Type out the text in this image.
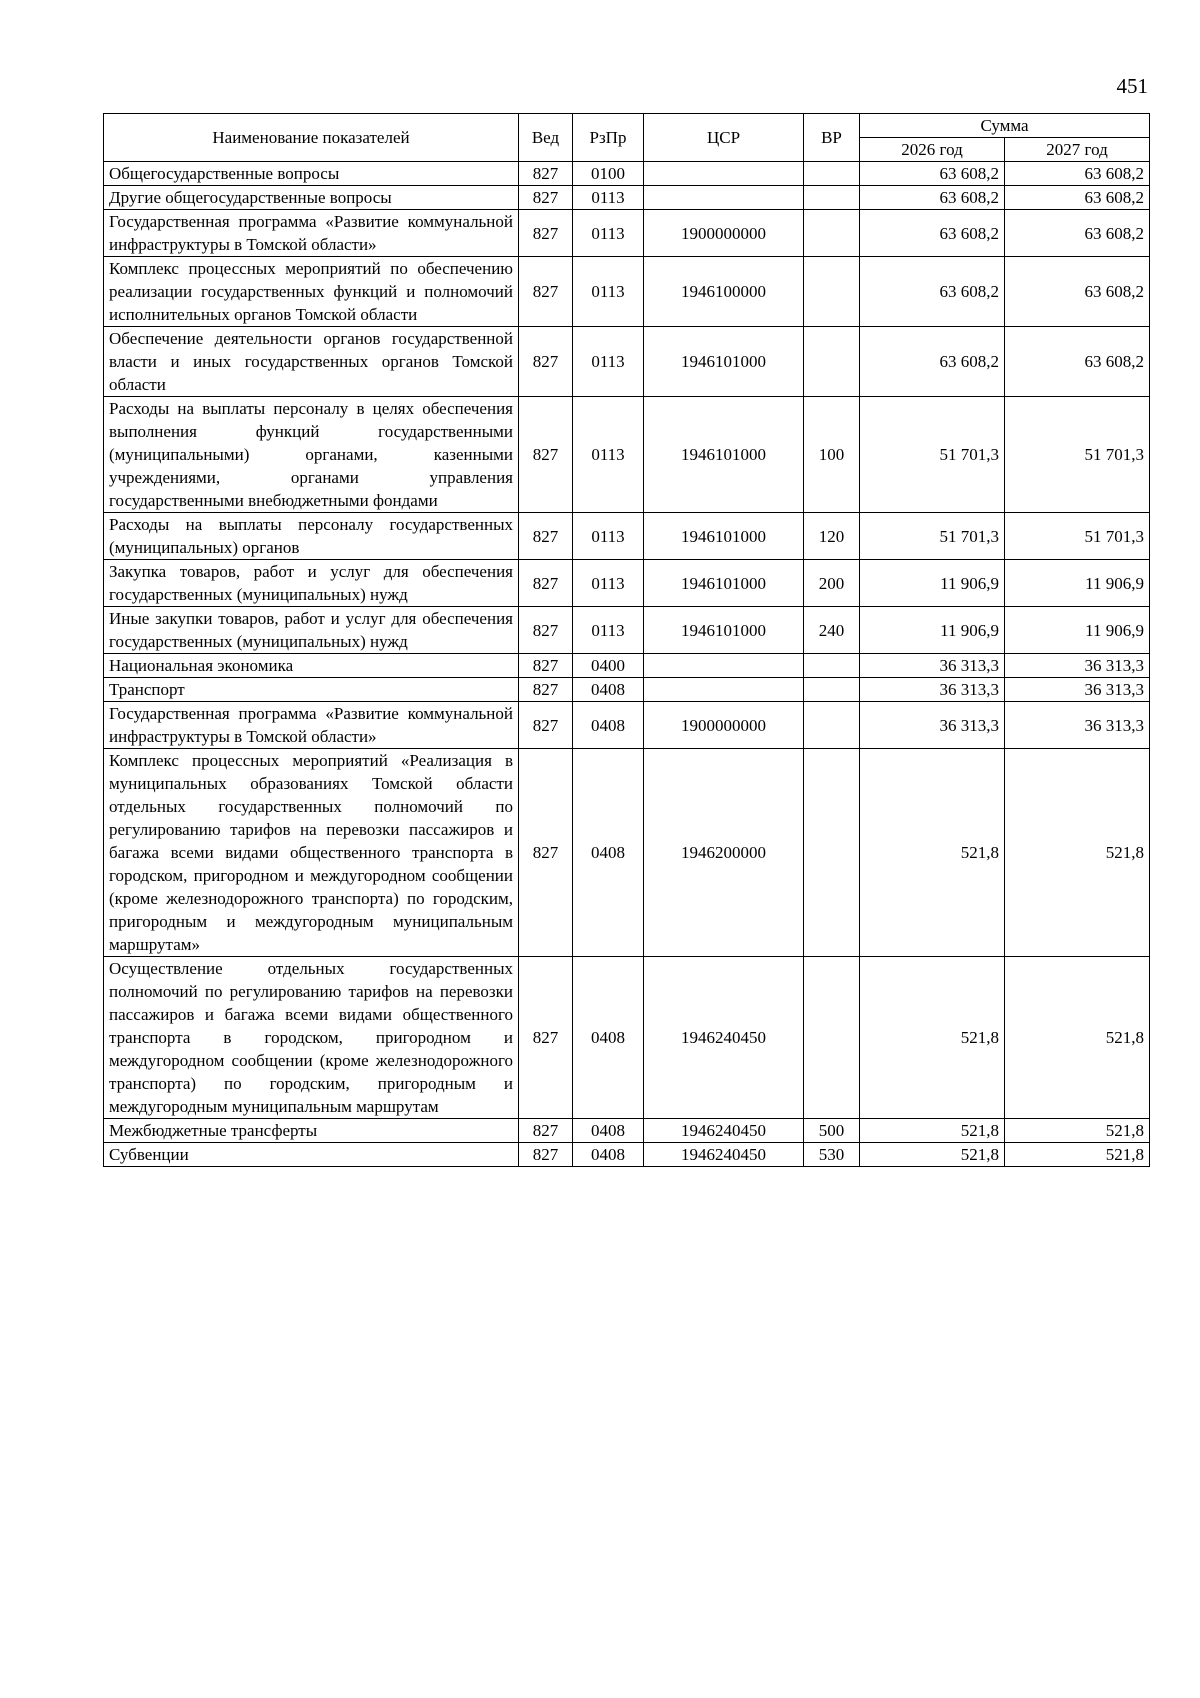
451
Наименование показателей	Вед	РзПр	ЦСР	ВР	Сумма	
					2026 год	2027 год
Общегосударственные вопросы	827	0100			63 608,2	63 608,2
Другие общегосударственные вопросы	827	0113			63 608,2	63 608,2
Государственная программа «Развитие коммунальной инфраструктуры в Томской области»	827	0113	1900000000		63 608,2	63 608,2
Комплекс процессных мероприятий по обеспечению реализации государственных функций и полномочий исполнительных органов Томской области	827	0113	1946100000		63 608,2	63 608,2
Обеспечение деятельности органов государственной власти и иных государственных органов Томской области	827	0113	1946101000		63 608,2	63 608,2
Расходы на выплаты персоналу в целях обеспечения выполнения функций государственными (муниципальными) органами, казенными учреждениями, органами управления государственными внебюджетными фондами	827	0113	1946101000	100	51 701,3	51 701,3
Расходы на выплаты персоналу государственных (муниципальных) органов	827	0113	1946101000	120	51 701,3	51 701,3
Закупка товаров, работ и услуг для обеспечения государственных (муниципальных) нужд	827	0113	1946101000	200	11 906,9	11 906,9
Иные закупки товаров, работ и услуг для обеспечения государственных (муниципальных) нужд	827	0113	1946101000	240	11 906,9	11 906,9
Национальная экономика	827	0400			36 313,3	36 313,3
Транспорт	827	0408			36 313,3	36 313,3
Государственная программа «Развитие коммунальной инфраструктуры в Томской области»	827	0408	1900000000		36 313,3	36 313,3
Комплекс процессных мероприятий «Реализация в муниципальных образованиях Томской области отдельных государственных полномочий по регулированию тарифов на перевозки пассажиров и багажа всеми видами общественного транспорта в городском, пригородном и междугородном сообщении (кроме железнодорожного транспорта) по городским, пригородным и междугородным муниципальным маршрутам»	827	0408	1946200000		521,8	521,8
Осуществление отдельных государственных полномочий по регулированию тарифов на перевозки пассажиров и багажа всеми видами общественного транспорта в городском, пригородном и междугородном сообщении (кроме железнодорожного транспорта) по городским, пригородным и междугородным муниципальным маршрутам	827	0408	1946240450		521,8	521,8
Межбюджетные трансферты	827	0408	1946240450	500	521,8	521,8
Субвенции	827	0408	1946240450	530	521,8	521,8
